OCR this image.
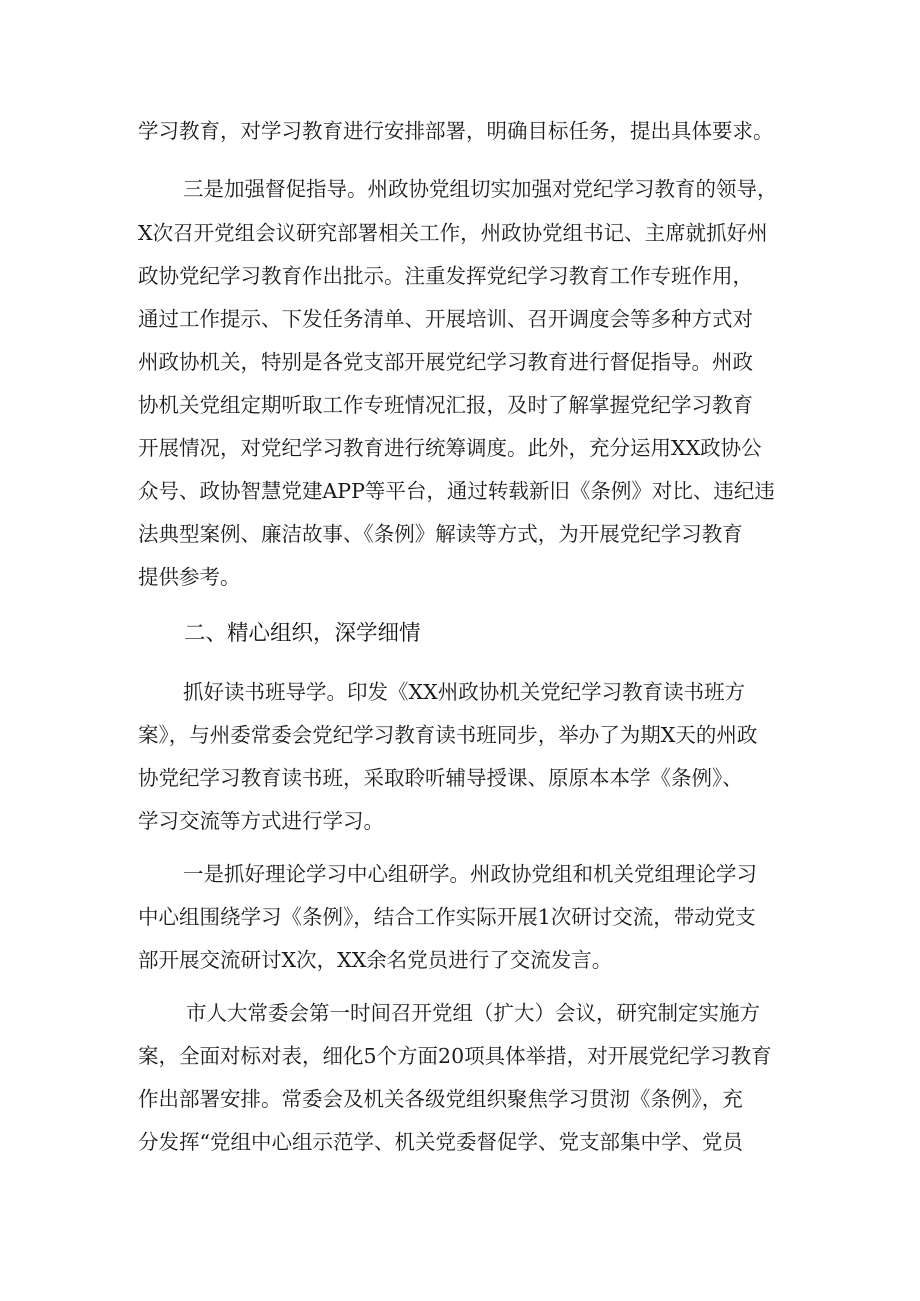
学习教育，对学习教育进行安排部署，明确目标任务，提出具体要求。
三是加强督促指导。州政协党组切实加强对党纪学习教育的领导，
X次召开党组会议研究部署相关工作，州政协党组书记、主席就抓好州
政协党纪学习教育作出批示。注重发挥党纪学习教育工作专班作用，
通过工作提示、下发任务清单、开展培训、召开调度会等多种方式对
州政协机关，特别是各党支部开展党纪学习教育进行督促指导。州政
协机关党组定期听取工作专班情况汇报，及时了解掌握党纪学习教育
开展情况，对党纪学习教育进行统筹调度。此外，充分运用XX政协公
众号、政协智慧党建APP等平台，通过转载新旧《条例》对比、违纪违
法典型案例、廉洁故事、《条例》解读等方式，为开展党纪学习教育
提供参考。
二、精心组织，深学细情
抓好读书班导学。印发《XX州政协机关党纪学习教育读书班方
案》，与州委常委会党纪学习教育读书班同步，举办了为期X天的州政
协党纪学习教育读书班，采取聆听辅导授课、原原本本学《条例》、
学习交流等方式进行学习。
一是抓好理论学习中心组研学。州政协党组和机关党组理论学习
中心组围绕学习《条例》，结合工作实际开展1次研讨交流，带动党支
部开展交流研讨X次，XX余名党员进行了交流发言。
市人大常委会第一时间召开党组（扩大）会议，研究制定实施方
案，全面对标对表，细化5个方面20项具体举措，对开展党纪学习教育
作出部署安排。常委会及机关各级党组织聚焦学习贯沏《条例》，充
分发挥“党组中心组示范学、机关党委督促学、党支部集中学、党员
